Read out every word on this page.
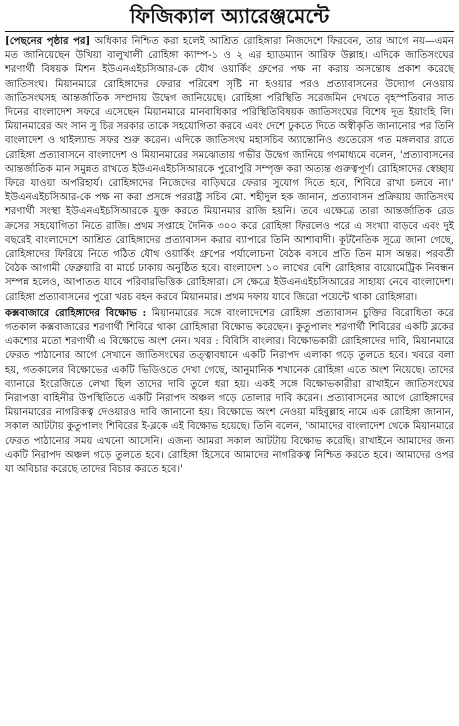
ফিজিক্যাল অ্যারেঞ্জমেন্টে

[পেছনের পৃষ্ঠার পর] অধিকার নিশ্চিত করা হলেই আশ্রিত রোহিঙ্গারা নিজদেশে ফিরবেন, তার আগে নয়—এমন মত জানিয়েছেন উখিয়া বালুখালী রোহিঙ্গা ক্যাম্প-১ ও ২ এর হ্যাডম্যান আরিফ উল্লাহ। এদিকে জাতিসংঘের শরণার্থী বিষয়ক মিশন ইউএনএইচসিআর-কে যৌথ ওয়ার্কিং গ্রুপের পক্ষ না করায় অসন্তোষ প্রকাশ করেছে জাতিসংঘ। মিয়ানমারে রোহিঙ্গাদের ফেরার পরিবেশ সৃষ্টি না হওয়ার পরও প্রত্যাবাসনের উদ্যোগ নেওয়ায় জাতিসংঘসহ আন্তর্জাতিক সম্প্রদায় উদ্বেগ জানিয়েছে। রোহিঙ্গা পরিস্থিতি সরেজমিন দেখতে বৃহস্পতিবার সাত দিনের বাংলাদেশ সফরে এসেছেন মিয়ানমারে মানবাধিকার পরিস্থিতিবিষয়ক জাতিসংঘের বিশেষ দূত ইয়াংহি লি। মিয়ানমারের অং সান সু চির সরকার তাকে সহযোগিতা করবে এবং দেশে ঢুকতে দিতে অস্বীকৃতি জানানোর পর তিনি বাংলাদেশ ও থাইল্যান্ড সফর শুরু করেন। এদিকে জাতিসংঘ মহাসচিব অ্যান্তোনিও গুতেরেস গত মঙ্গলবার রাতে রোহিঙ্গা প্রত্যাবাসনে বাংলাদেশ ও মিয়ানমারের সমঝোতায় গভীর উদ্বেগ জানিয়ে গণমাধ্যমে বলেন, 'প্রত্যাবাসনের আন্তর্জাতিক মান সমুন্নত রাখতে ইউএনএইচসিআরকে পুরোপুরি সম্পৃক্ত করা অত্যন্ত গুরুত্বপূর্ণ। রোহিঙ্গাদের স্বেচ্ছায় ফিরে যাওয়া অপরিহার্য। রোহিঙ্গাদের নিজেদের বাড়িঘরে ফেরার সুযোগ দিতে হবে, শিবিরে রাখা চলবে না।' ইউএনএইচসিআর-কে পক্ষ না করা প্রসঙ্গে পররাষ্ট্র সচিব মো. শহীদুল হক জানান, প্রত্যাবাসন প্রক্রিয়ায় জাতিসংঘ শরণার্থী সংস্থা ইউএনএইচসিআরকে যুক্ত করতে মিয়ানমার রাজি হয়নি। তবে এক্ষেত্রে তারা আন্তর্জাতিক রেড ক্রসের সহযোগিতা নিতে রাজি। প্রথম সপ্তাহে দৈনিক ৩০০ করে রোহিঙ্গা ফিরলেও পরে এ সংখ্যা বাড়বে এবং দুই বছরেই বাংলাদেশে আশ্রিত রোহিঙ্গাদের প্রত্যাবাসন করার ব্যাপারে তিনি আশাবাদী। কূটনৈতিক সূত্রে জানা গেছে, রোহিঙ্গাদের ফিরিয়ে নিতে গঠিত যৌথ ওয়ার্কিং গ্রুপের পর্যালোচনা বৈঠক বসবে প্রতি তিন মাস অন্তর। পরবর্তী বৈঠক আগামী ফেব্রুয়ারি বা মার্চে ঢাকায় অনুষ্ঠিত হবে। বাংলাদেশ ১০ লাখের বেশি রোহিঙ্গার বায়োমেট্রিক নিবন্ধন সম্পন্ন হলেও, আপাতত যাবে পরিবারভিত্তিক রোহিঙ্গারা। সে ক্ষেত্রে ইউএনএইচসিআরের সাহায্য নেবে বাংলাদেশ। রোহিঙ্গা প্রত্যাবাসনের পুরো খরচ বহন করবে মিয়ানমার। প্রথম দফায় যাবে জিরো পয়েন্টে থাকা রোহিঙ্গারা।

কক্সবাজারে রোহিঙ্গাদের বিক্ষোভ : মিয়ানমারের সঙ্গে বাংলাদেশের রোহিঙ্গা প্রত্যাবাসন চুক্তির বিরোধিতা করে গতকাল কক্সবাজারের শরণার্থী শিবিরে থাকা রোহিঙ্গারা বিক্ষোভ করেছেন। কুতুপালং শরণার্থী শিবিরের একটি ব্লকের একশোর মতো শরণার্থী এ বিক্ষোভে অংশ নেন। খবর : বিবিসি বাংলার। বিক্ষোভকারী রোহিঙ্গাদের দাবি, মিয়ানমারে ফেরত পাঠানোর আগে সেখানে জাতিসংঘের তত্ত্বাবধানে একটি নিরাপদ এলাকা গড়ে তুলতে হবে। খবরে বলা হয়, গতকালের বিক্ষোভের একটি ভিডিওতে দেখা গেছে, আনুমানিক শখানেক রোহিঙ্গা এতে অংশ নিয়েছে। তাদের ব্যানারে ইংরেজিতে লেখা ছিল তাদের দাবি তুলে ধরা হয়। একই সঙ্গে বিক্ষোভকারীরা রাখাইনে জাতিসংঘের নিরাপত্তা বাহিনীর উপস্থিতিতে একটি নিরাপদ অঞ্চল গড়ে তোলার দাবি করেন। প্রত্যাবাসনের আগে রোহিঙ্গাদের মিয়ানমারের নাগরিকত্ব দেওয়ারও দাবি জানানো হয়। বিক্ষোভে অংশ নেওয়া মহিবুল্লাহ নামে এক রোহিঙ্গা জানান, সকাল আটটায় কুতুপালং শিবিরের ই-ব্লকে এই বিক্ষোভ হয়েছে। তিনি বলেন, 'আমাদের বাংলাদেশ থেকে মিয়ানমারে ফেরত পাঠানোর সময় এখনো আসেনি। এজন্য আমরা সকাল আটটায় বিক্ষোভ করেছি। রাখাইনে আমাদের জন্য একটি নিরাপদ অঞ্চল গড়ে তুলতে হবে। রোহিঙ্গা হিসেবে আমাদের নাগরিকত্ব নিশ্চিত করতে হবে। আমাদের ওপর যা অবিচার করেছে তাদের বিচার করতে হবে।'
